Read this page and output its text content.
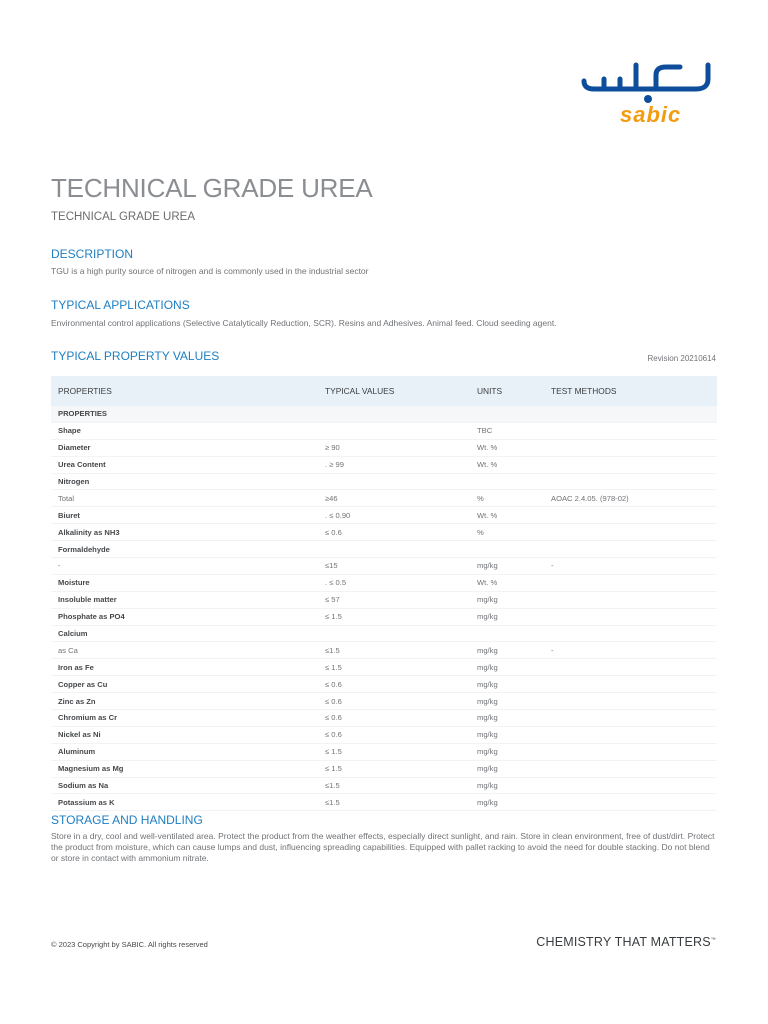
sabic
TECHNICAL GRADE UREA

TECHNICAL GRADE UREA

DESCRIPTION

TGU is a high purity source of nitrogen and is commonly used in the industrial sector

TYPICAL APPLICATIONS

Environmental control applications (Selective Catalytically Reduction, SCR). Resins and Adhesives. Animal feed. Cloud seeding agent.

TYPICAL PROPERTY VALUES	Revision 20210614
PROPERTIES	TYPICAL VALUES	UNITS	TEST METHODS
PROPERTIES			
Shape		TBC	
Diameter	≥ 90	Wt. %	
Urea Content	. ≥ 99	Wt. %	
Nitrogen			
Total	≥46	%	AOAC 2.4.05. (978-02)
Biuret	. ≤ 0.90	Wt. %	
Alkalinity as NH3	≤ 0.6	%	
Formaldehyde			
-	≤15	mg/kg	-
Moisture	. ≤ 0.5	Wt. %	
Insoluble matter	≤ 57	mg/kg	
Phosphate as PO4	≤ 1.5	mg/kg	
Calcium			
as Ca	≤1.5	mg/kg	-
Iron as Fe	≤ 1.5	mg/kg	
Copper as Cu	≤ 0.6	mg/kg	
Zinc as Zn	≤ 0.6	mg/kg	
Chromium as Cr	≤ 0.6	mg/kg	
Nickel as Ni	≤ 0.6	mg/kg	
Aluminum	≤ 1.5	mg/kg	
Magnesium as Mg	≤ 1.5	mg/kg	
Sodium as Na	≤1.5	mg/kg	
Potassium as K	≤1.5	mg/kg	
STORAGE AND HANDLING

Store in a dry, cool and well-ventilated area. Protect the product from the weather effects, especially direct sunlight, and rain. Store in clean environment, free of dust/dirt. Protect the product from moisture, which can cause lumps and dust, influencing spreading capabilities. Equipped with pallet racking to avoid the need for double stacking. Do not blend or store in contact with ammonium nitrate.

© 2023 Copyright by SABIC. All rights reserved	CHEMISTRY THAT MATTERS™
